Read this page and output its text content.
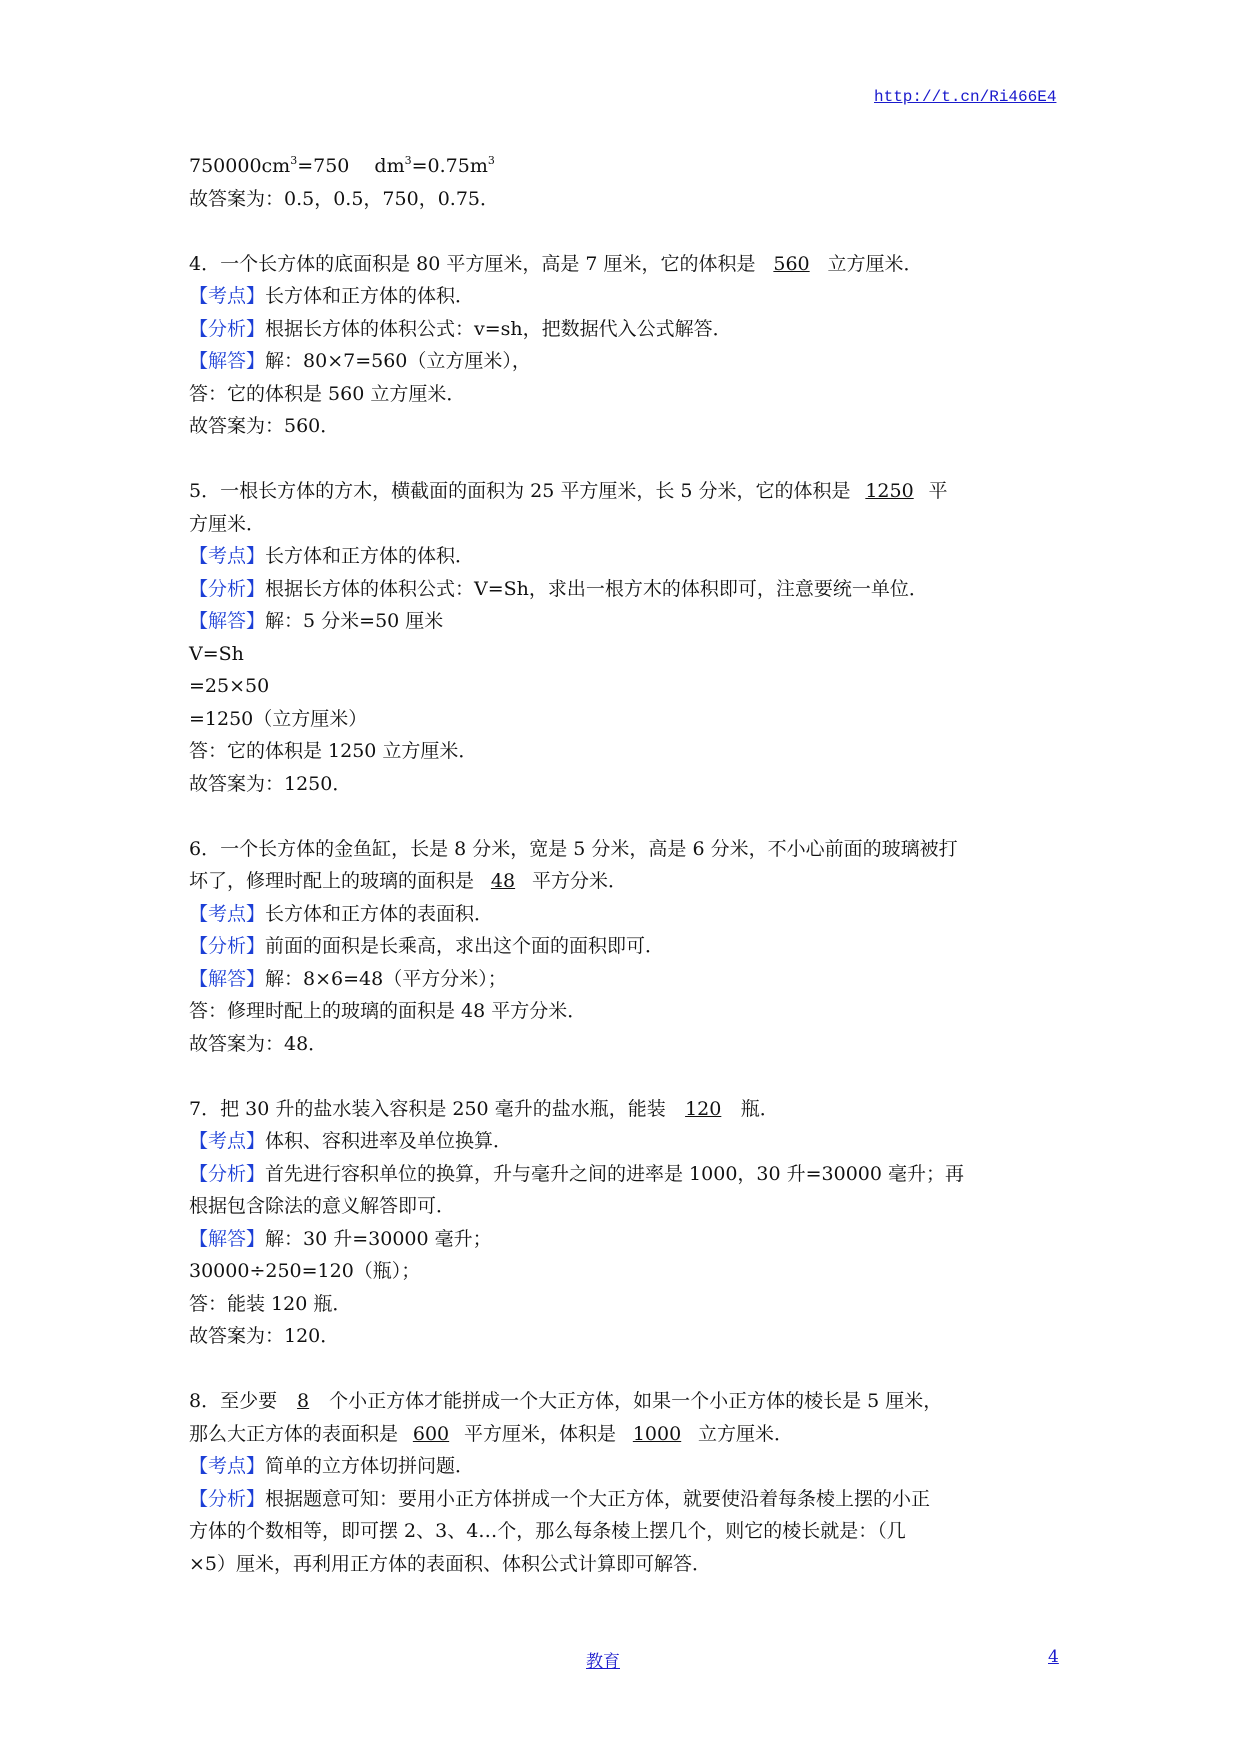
http://t.cn/Ri466E4
$750000cm^3=750$　 $dm^3=0.75m^3$
故答案为：0.5，0.5，750，0.75．
4．一个长方体的底面积是 80 平方厘米，高是 7 厘米，它的体积是 560 立方厘米．
【考点】长方体和正方体的体积．
【分析】根据长方体的体积公式：v=sh，把数据代入公式解答．
【解答】解：80×7=560（立方厘米），
答：它的体积是 560 立方厘米．
故答案为：560．
5．一根长方体的方木，横截面的面积为 25 平方厘米，长 5 分米，它的体积是 1250 平
方厘米．
【考点】长方体和正方体的体积．
【分析】根据长方体的体积公式：V=Sh，求出一根方木的体积即可，注意要统一单位．
【解答】解：5 分米=50 厘米
V=Sh
=25×50
=1250（立方厘米）
答：它的体积是 1250 立方厘米．
故答案为：1250．
6．一个长方体的金鱼缸，长是 8 分米，宽是 5 分米，高是 6 分米，不小心前面的玻璃被打
坏了，修理时配上的玻璃的面积是 48 平方分米．
【考点】长方体和正方体的表面积．
【分析】前面的面积是长乘高，求出这个面的面积即可．
【解答】解：8×6=48（平方分米）；
答：修理时配上的玻璃的面积是 48 平方分米．
故答案为：48．
7．把 30 升的盐水装入容积是 250 毫升的盐水瓶，能装 120 瓶．
【考点】体积、容积进率及单位换算．
【分析】首先进行容积单位的换算，升与毫升之间的进率是 1000，30 升=30000 毫升；再
根据包含除法的意义解答即可．
【解答】解：30 升=30000 毫升；
30000÷250=120（瓶）；
答：能装 120 瓶．
故答案为：120．
8．至少要 8 个小正方体才能拼成一个大正方体，如果一个小正方体的棱长是 5 厘米，
那么大正方体的表面积是 600 平方厘米，体积是 1000 立方厘米．
【考点】简单的立方体切拼问题．
【分析】根据题意可知：要用小正方体拼成一个大正方体，就要使沿着每条棱上摆的小正
方体的个数相等，即可摆 2、3、4…个，那么每条棱上摆几个，则它的棱长就是：（几
×5）厘米，再利用正方体的表面积、体积公式计算即可解答．
教育	4
